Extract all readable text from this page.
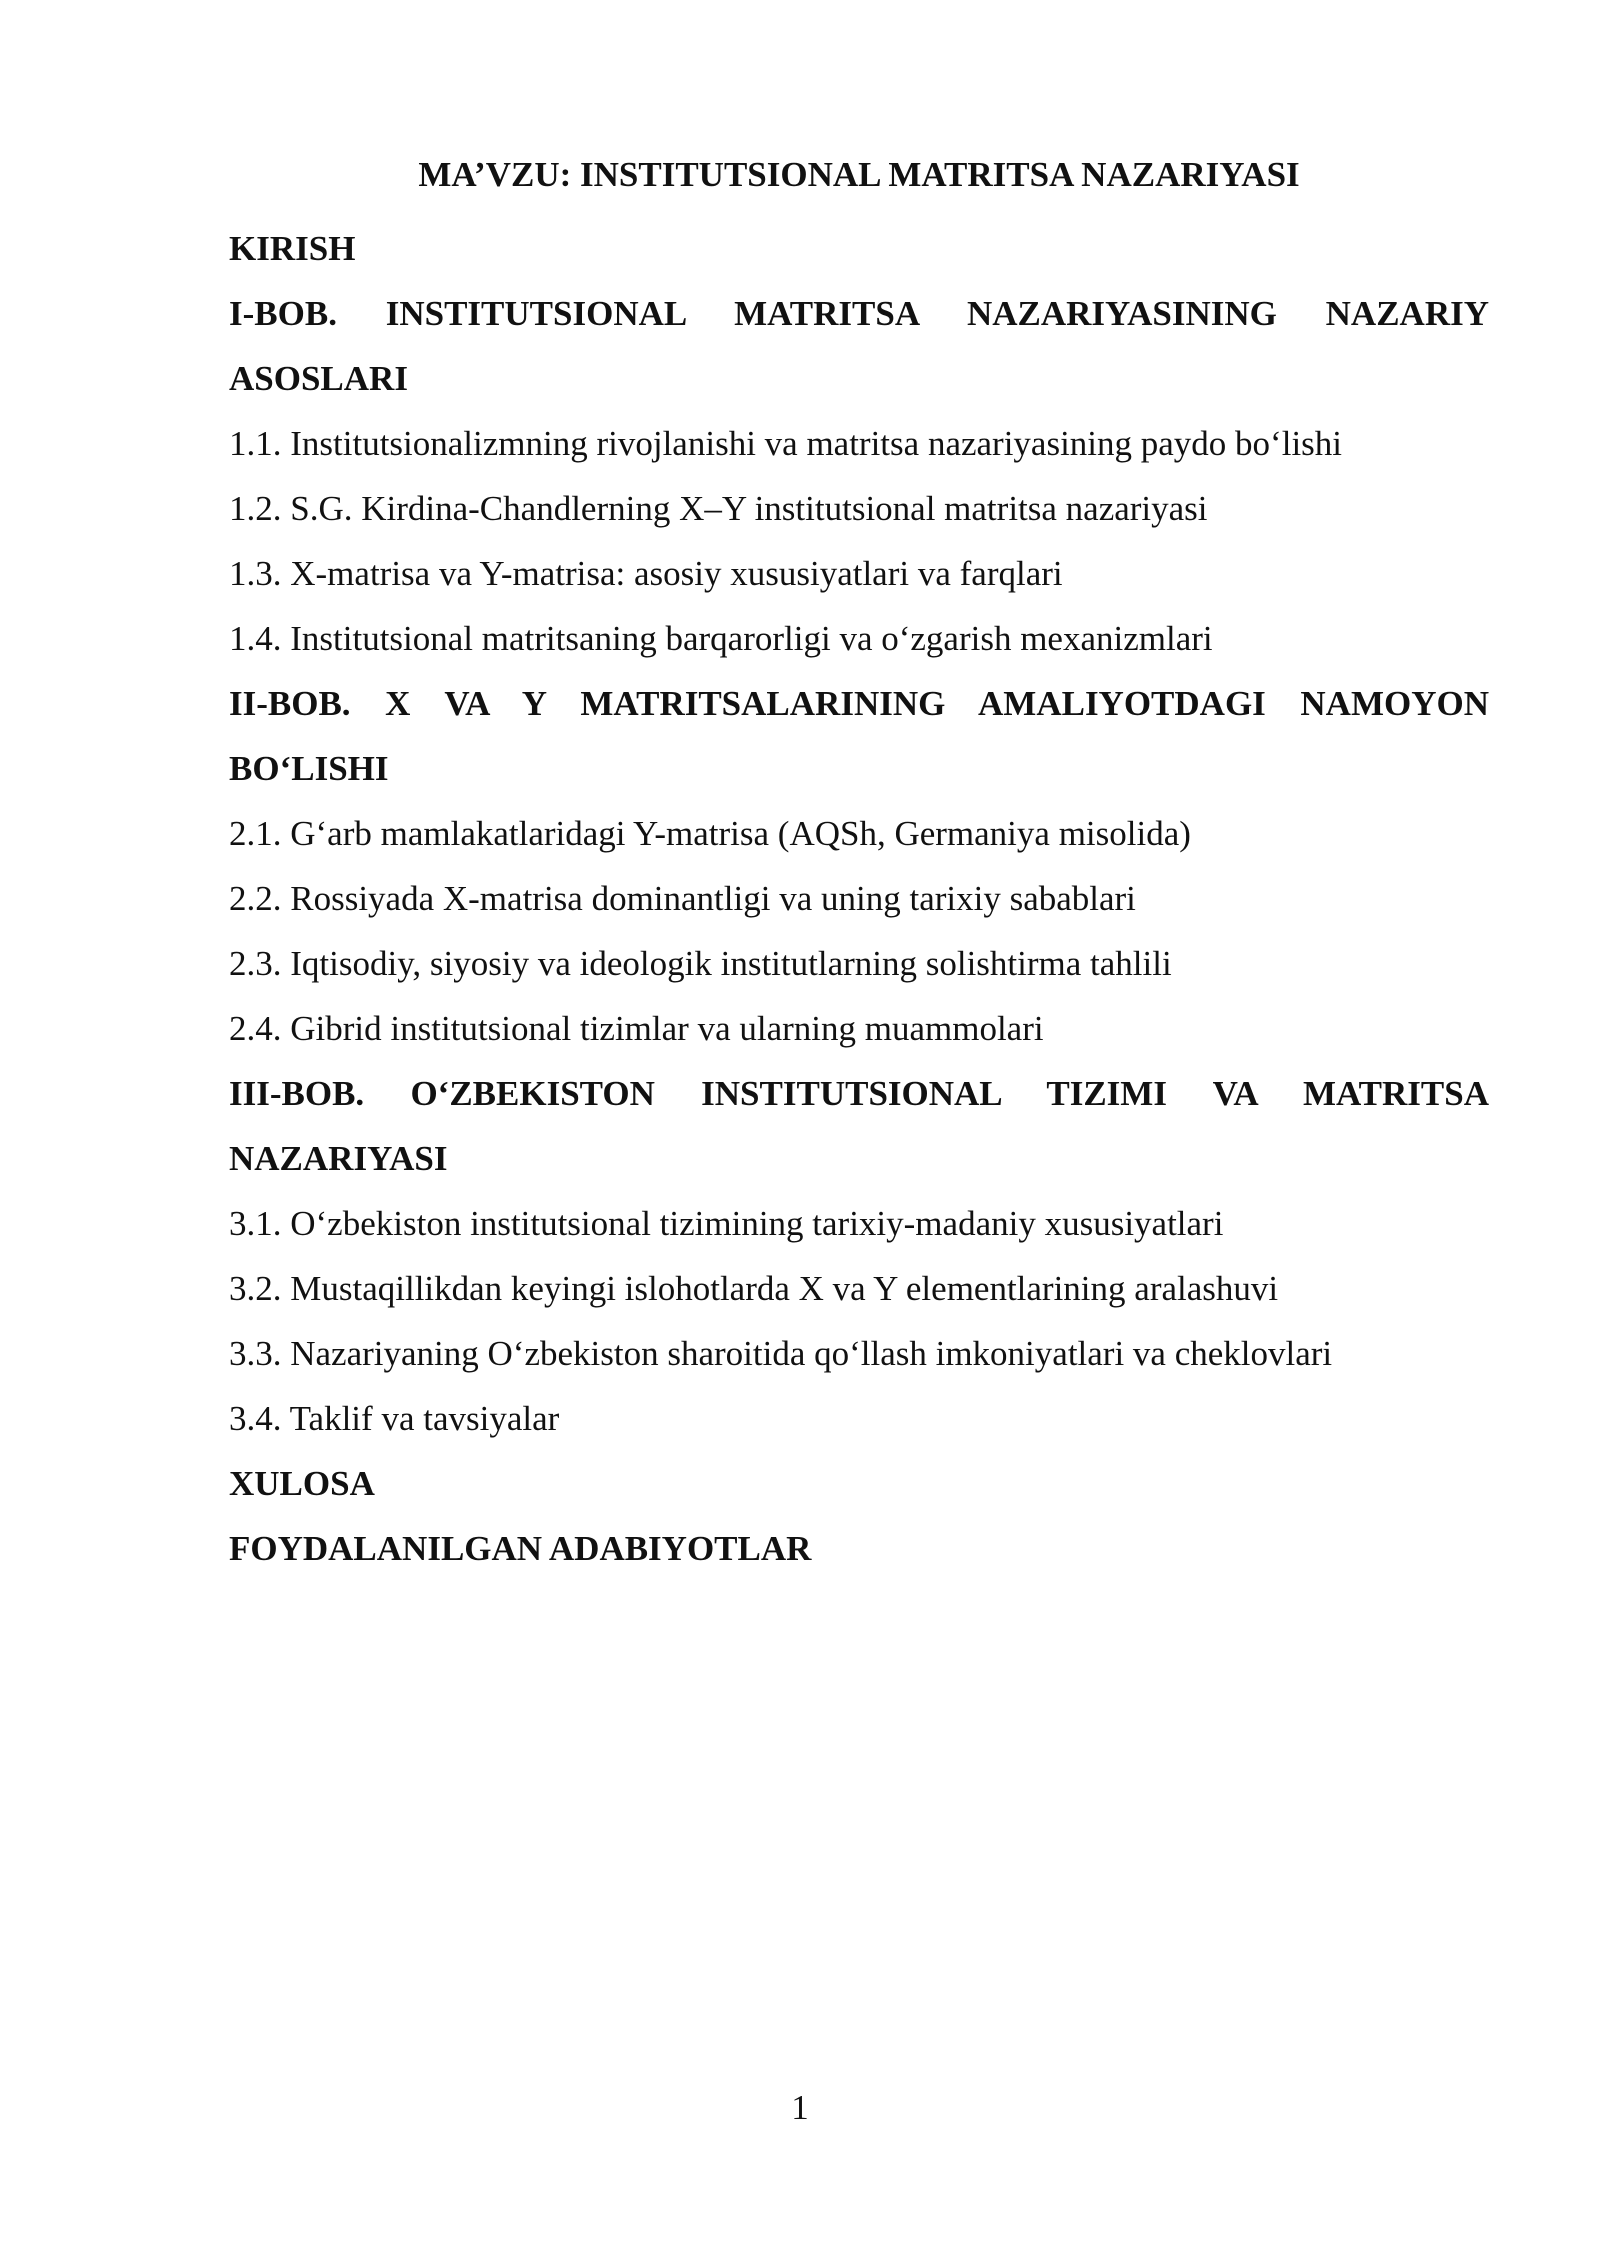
MA’VZU: INSTITUTSIONAL MATRITSA NAZARIYASI
KIRISH
I-BOB. INSTITUTSIONAL MATRITSA NAZARIYASINING NAZARIY
ASOSLARI
1.1. Institutsionalizmning rivojlanishi va matritsa nazariyasining paydo bo‘lishi
1.2. S.G. Kirdina-Chandlerning X–Y institutsional matritsa nazariyasi
1.3. X-matrisa va Y-matrisa: asosiy xususiyatlari va farqlari
1.4. Institutsional matritsaning barqarorligi va o‘zgarish mexanizmlari
II-BOB. X VA Y MATRITSALARINING AMALIYOTDAGI NAMOYON
BO‘LISHI
2.1. G‘arb mamlakatlaridagi Y-matrisa (AQSh, Germaniya misolida)
2.2. Rossiyada X-matrisa dominantligi va uning tarixiy sabablari
2.3. Iqtisodiy, siyosiy va ideologik institutlarning solishtirma tahlili
2.4. Gibrid institutsional tizimlar va ularning muammolari
III-BOB. O‘ZBEKISTON INSTITUTSIONAL TIZIMI VA MATRITSA
NAZARIYASI
3.1. O‘zbekiston institutsional tizimining tarixiy-madaniy xususiyatlari
3.2. Mustaqillikdan keyingi islohotlarda X va Y elementlarining aralashuvi
3.3. Nazariyaning O‘zbekiston sharoitida qo‘llash imkoniyatlari va cheklovlari
3.4. Taklif va tavsiyalar
XULOSA
FOYDALANILGAN ADABIYOTLAR
1
